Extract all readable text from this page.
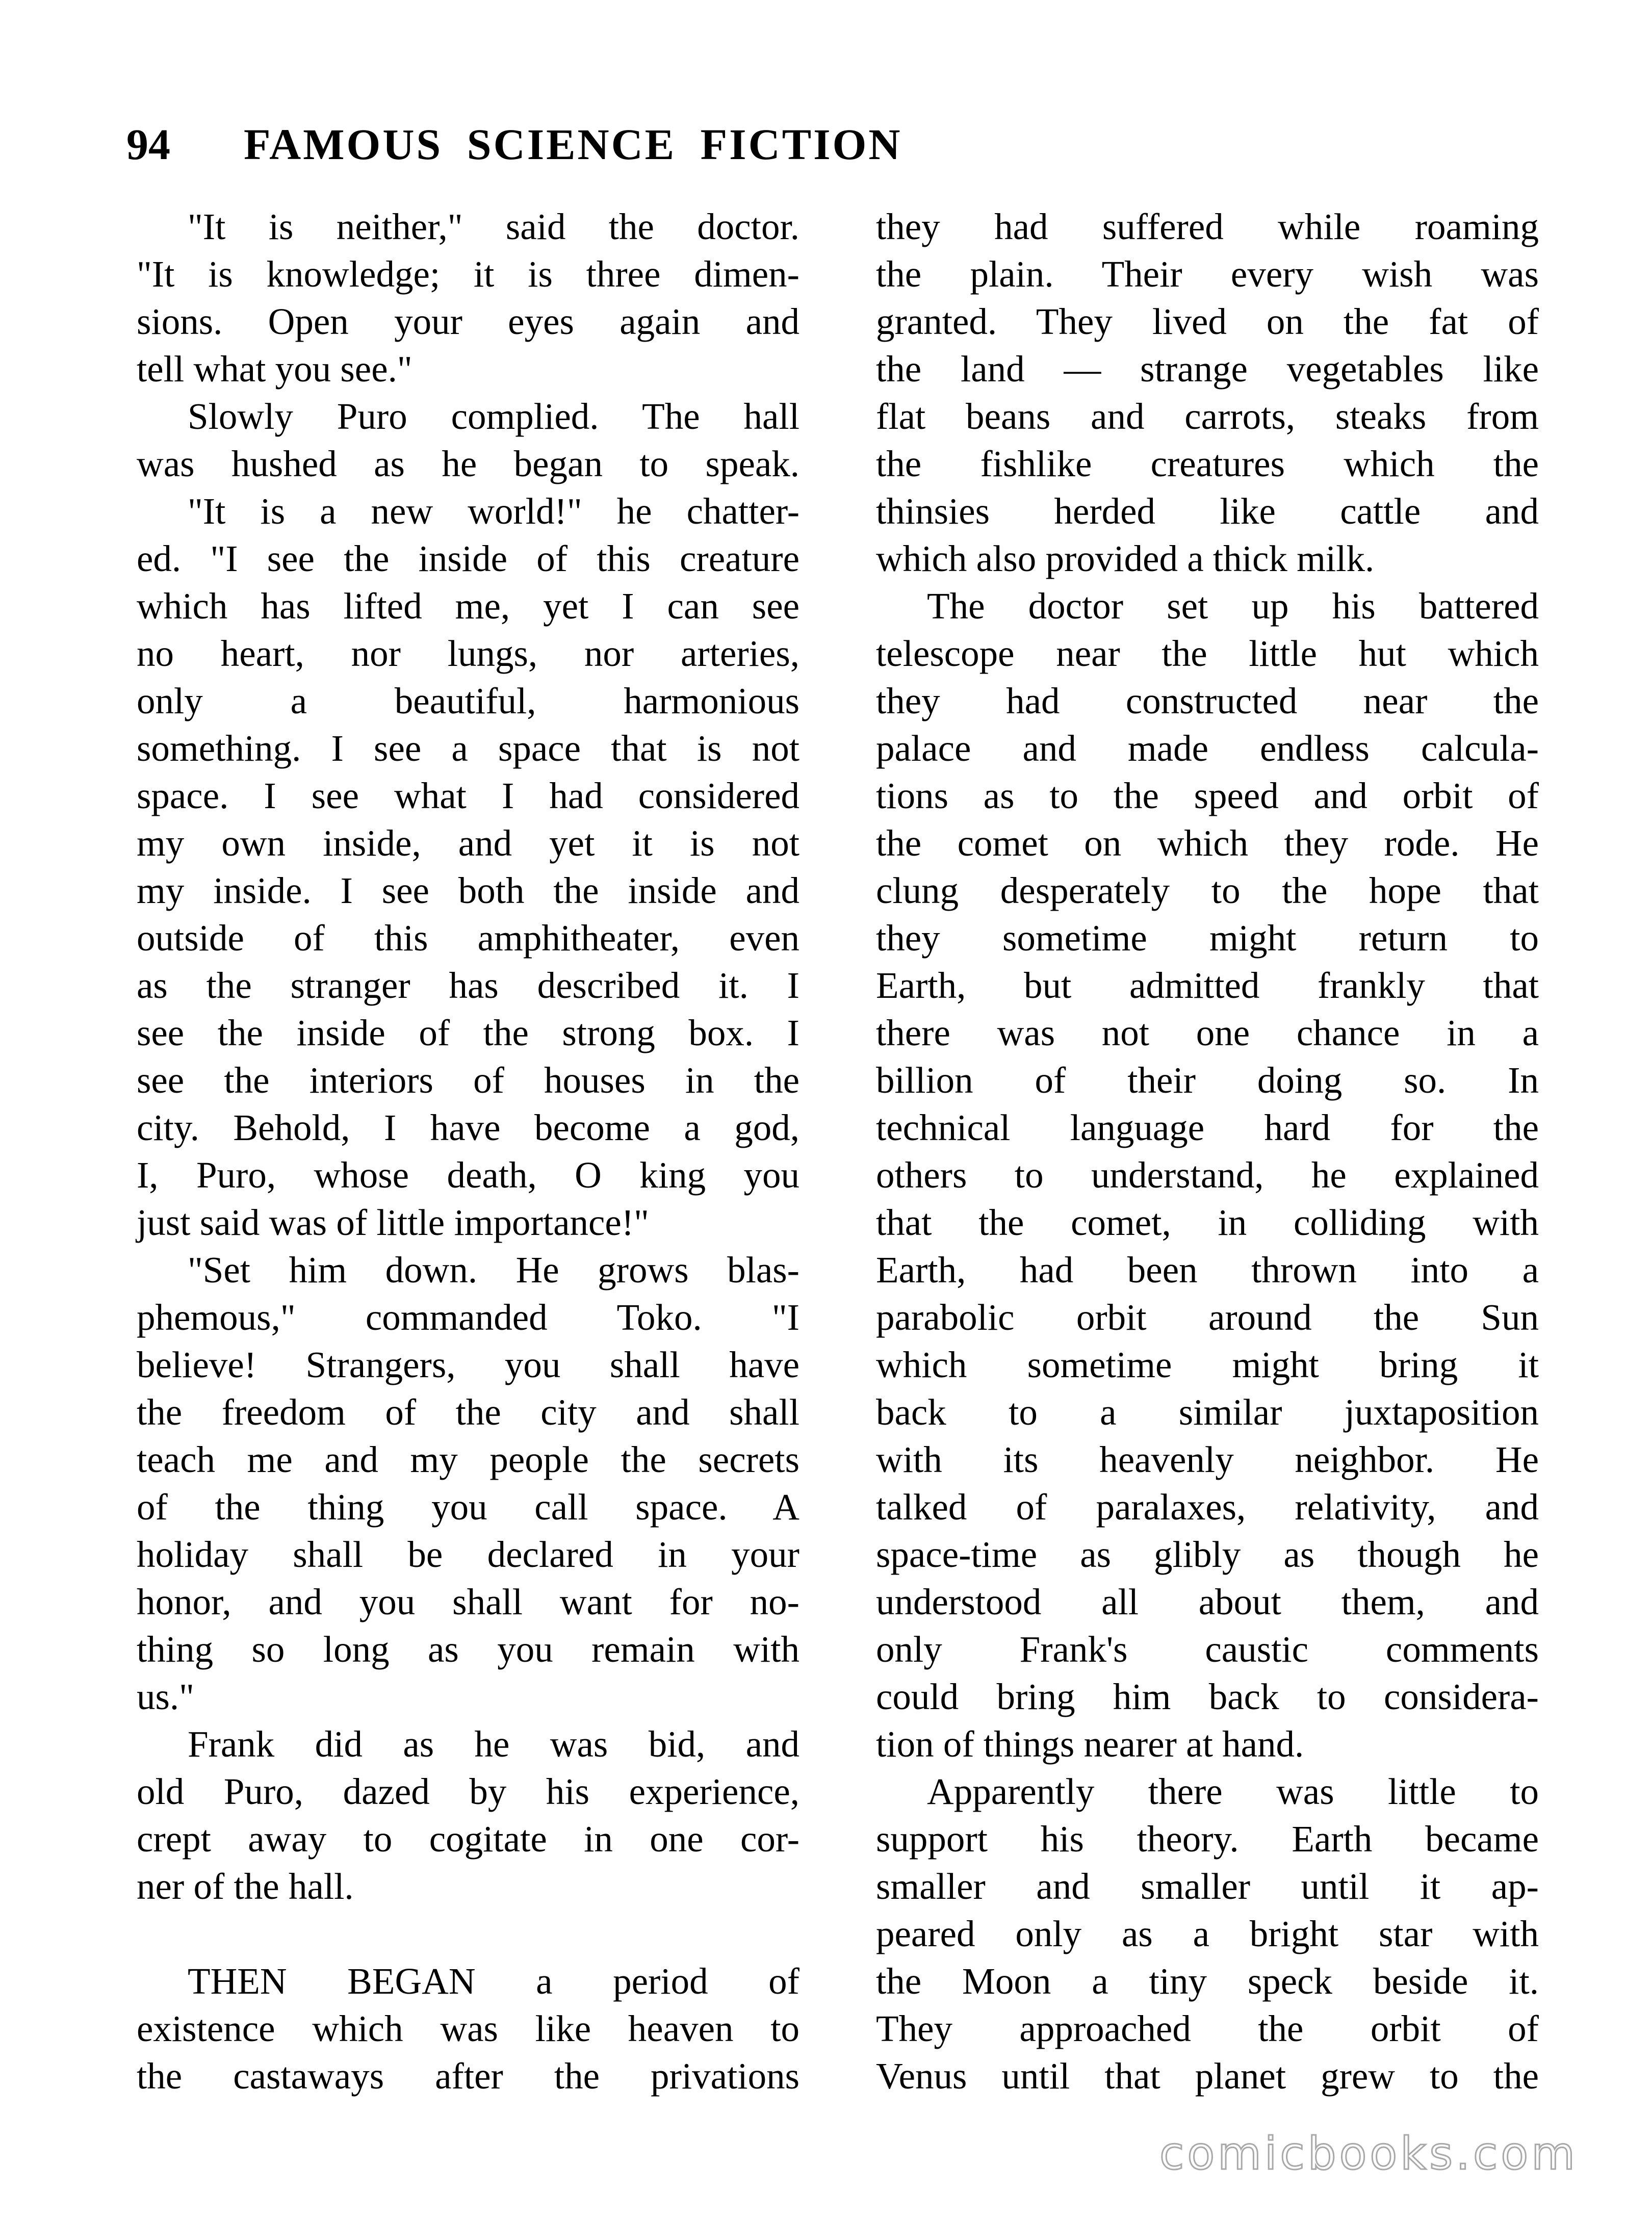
94 FAMOUS SCIENCE FICTION
"It is neither," said the doctor.
"It is knowledge; it is three dimen-
sions. Open your eyes again and
tell what you see."
Slowly Puro complied. The hall
was hushed as he began to speak.
"It is a new world!" he chatter-
ed. "I see the inside of this creature
which has lifted me, yet I can see
no heart, nor lungs, nor arteries,
only a beautiful, harmonious
something. I see a space that is not
space. I see what I had considered
my own inside, and yet it is not
my inside. I see both the inside and
outside of this amphitheater, even
as the stranger has described it. I
see the inside of the strong box. I
see the interiors of houses in the
city. Behold, I have become a god,
I, Puro, whose death, O king you
just said was of little importance!"
"Set him down. He grows blas-
phemous," commanded Toko. "I
believe! Strangers, you shall have
the freedom of the city and shall
teach me and my people the secrets
of the thing you call space. A
holiday shall be declared in your
honor, and you shall want for no-
thing so long as you remain with
us."
Frank did as he was bid, and
old Puro, dazed by his experience,
crept away to cogitate in one cor-
ner of the hall.
THEN BEGAN a period of
existence which was like heaven to
the castaways after the privations
they had suffered while roaming
the plain. Their every wish was
granted. They lived on the fat of
the land — strange vegetables like
flat beans and carrots, steaks from
the fishlike creatures which the
thinsies herded like cattle and
which also provided a thick milk.
The doctor set up his battered
telescope near the little hut which
they had constructed near the
palace and made endless calcula-
tions as to the speed and orbit of
the comet on which they rode. He
clung desperately to the hope that
they sometime might return to
Earth, but admitted frankly that
there was not one chance in a
billion of their doing so. In
technical language hard for the
others to understand, he explained
that the comet, in colliding with
Earth, had been thrown into a
parabolic orbit around the Sun
which sometime might bring it
back to a similar juxtaposition
with its heavenly neighbor. He
talked of paralaxes, relativity, and
space-time as glibly as though he
understood all about them, and
only Frank's caustic comments
could bring him back to considera-
tion of things nearer at hand.
Apparently there was little to
support his theory. Earth became
smaller and smaller until it ap-
peared only as a bright star with
the Moon a tiny speck beside it.
They approached the orbit of
Venus until that planet grew to the
comicbooks.com
